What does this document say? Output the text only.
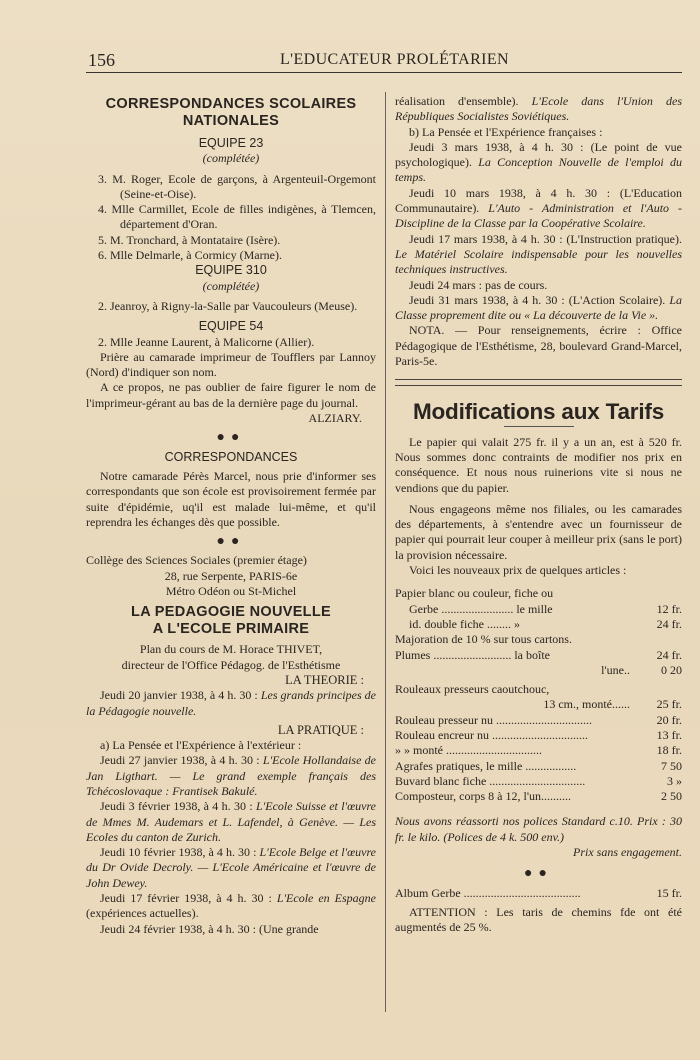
156	L'EDUCATEUR PROLÉTARIEN

CORRESPONDANCES SCOLAIRES

NATIONALES

EQUIPE 23

(complétée)

3. M. Roger, Ecole de garçons, à Argenteuil-Orgemont (Seine-et-Oise).

4. Mlle Carmillet, Ecole de filles indigènes, à Tlemcen, département d'Oran.

5. M. Tronchard, à Montataire (Isère).

6. Mlle Delmarle, à Cormicy (Marne).

EQUIPE 310

(complétée)

2. Jeanroy, à Rigny-la-Salle par Vaucouleurs (Meuse).

EQUIPE 54

2. Mlle Jeanne Laurent, à Malicorne (Allier).

Prière au camarade imprimeur de Toufflers par Lannoy (Nord) d'indiquer son nom.

A ce propos, ne pas oublier de faire figurer le nom de l'imprimeur-gérant au bas de la dernière page du journal.

ALZIARY.

●●

CORRESPONDANCES

Notre camarade Pérès Marcel, nous prie d'informer ses correspondants que son école est provisoirement fermée par suite d'épidémie, uq'il est malade lui-même, et qu'il reprendra les échanges dès que possible.

●●

Collège des Sciences Sociales (premier étage)

28, rue Serpente, PARIS-6e

Métro Odéon ou St-Michel

LA PEDAGOGIE NOUVELLE

A L'ECOLE PRIMAIRE

Plan du cours de M. Horace THIVET,

directeur de l'Office Pédagog. de l'Esthétisme

LA THEORIE :

Jeudi 20 janvier 1938, à 4 h. 30 : Les grands principes de la Pédagogie nouvelle.

LA PRATIQUE :

a) La Pensée et l'Expérience à l'extérieur :

Jeudi 27 janvier 1938, à 4 h. 30 : L'Ecole Hollandaise de Jan Ligthart. — Le grand exemple français des Tchécoslovaque : Frantisek Bakulé.

Jeudi 3 février 1938, à 4 h. 30 : L'Ecole Suisse et l'œuvre de Mmes M. Audemars et L. Lafendel, à Genève. — Les Ecoles du canton de Zurich.

Jeudi 10 février 1938, à 4 h. 30 : L'Ecole Belge et l'œuvre du Dr Ovide Decroly. — L'Ecole Américaine et l'œuvre de John Dewey.

Jeudi 17 février 1938, à 4 h. 30 : L'Ecole en Espagne (expériences actuelles).

Jeudi 24 février 1938, à 4 h. 30 : (Une grande

réalisation d'ensemble). L'Ecole dans l'Union des Républiques Socialistes Soviétiques.

b) La Pensée et l'Expérience françaises :

Jeudi 3 mars 1938, à 4 h. 30 : (Le point de vue psychologique). La Conception Nouvelle de l'emploi du temps.

Jeudi 10 mars 1938, à 4 h. 30 : (L'Education Communautaire). L'Auto - Administration et l'Auto - Discipline de la Classe par la Coopérative Scolaire.

Jeudi 17 mars 1938, à 4 h. 30 : (L'Instruction pratique). Le Matériel Scolaire indispensable pour les nouvelles techniques instructives.

Jeudi 24 mars : pas de cours.

Jeudi 31 mars 1938, à 4 h. 30 : (L'Action Scolaire). La Classe proprement dite ou « La découverte de la Vie ».

NOTA. — Pour renseignements, écrire : Office Pédagogique de l'Esthétisme, 28, boulevard Grand-Marcel, Paris-5e.

Modifications aux Tarifs

Le papier qui valait 275 fr. il y a un an, est à 520 fr. Nous sommes donc contraints de modifier nos prix en conséquence. Et nous nous ruinerions vite si nous ne vendions que du papier.

Nous engageons même nos filiales, ou les camarades des départements, à s'entendre avec un fournisseur de papier qui pourrait leur couper à meilleur prix (sans le port) la provision nécessaire.

Voici les nouveaux prix de quelques articles :

Papier blanc ou couleur, fiche ou

Gerbe ........................ le mille	12 fr.
id. double fiche ........ »	24 fr.
Majoration de 10 % sur tous cartons.
Plumes .......................... la boîte	24 fr.
l'une..	0 20
Rouleaux presseurs caoutchouc,
13 cm., monté......	25 fr.
Rouleau presseur nu ................................	20 fr.
Rouleau encreur nu ................................	13 fr.
» » monté ................................	18 fr.
Agrafes pratiques, le mille .................	7 50
Buvard blanc fiche ................................	3 »
Composteur, corps 8 à 12, l'un..........	2 50

Nous avons réassorti nos polices Standard c.10. Prix : 30 fr. le kilo. (Polices de 4 k. 500 env.)

Prix sans engagement.

●●

Album Gerbe .......................................	15 fr.

ATTENTION : Les taris de chemins fde ont été augmentés de 25 %.
